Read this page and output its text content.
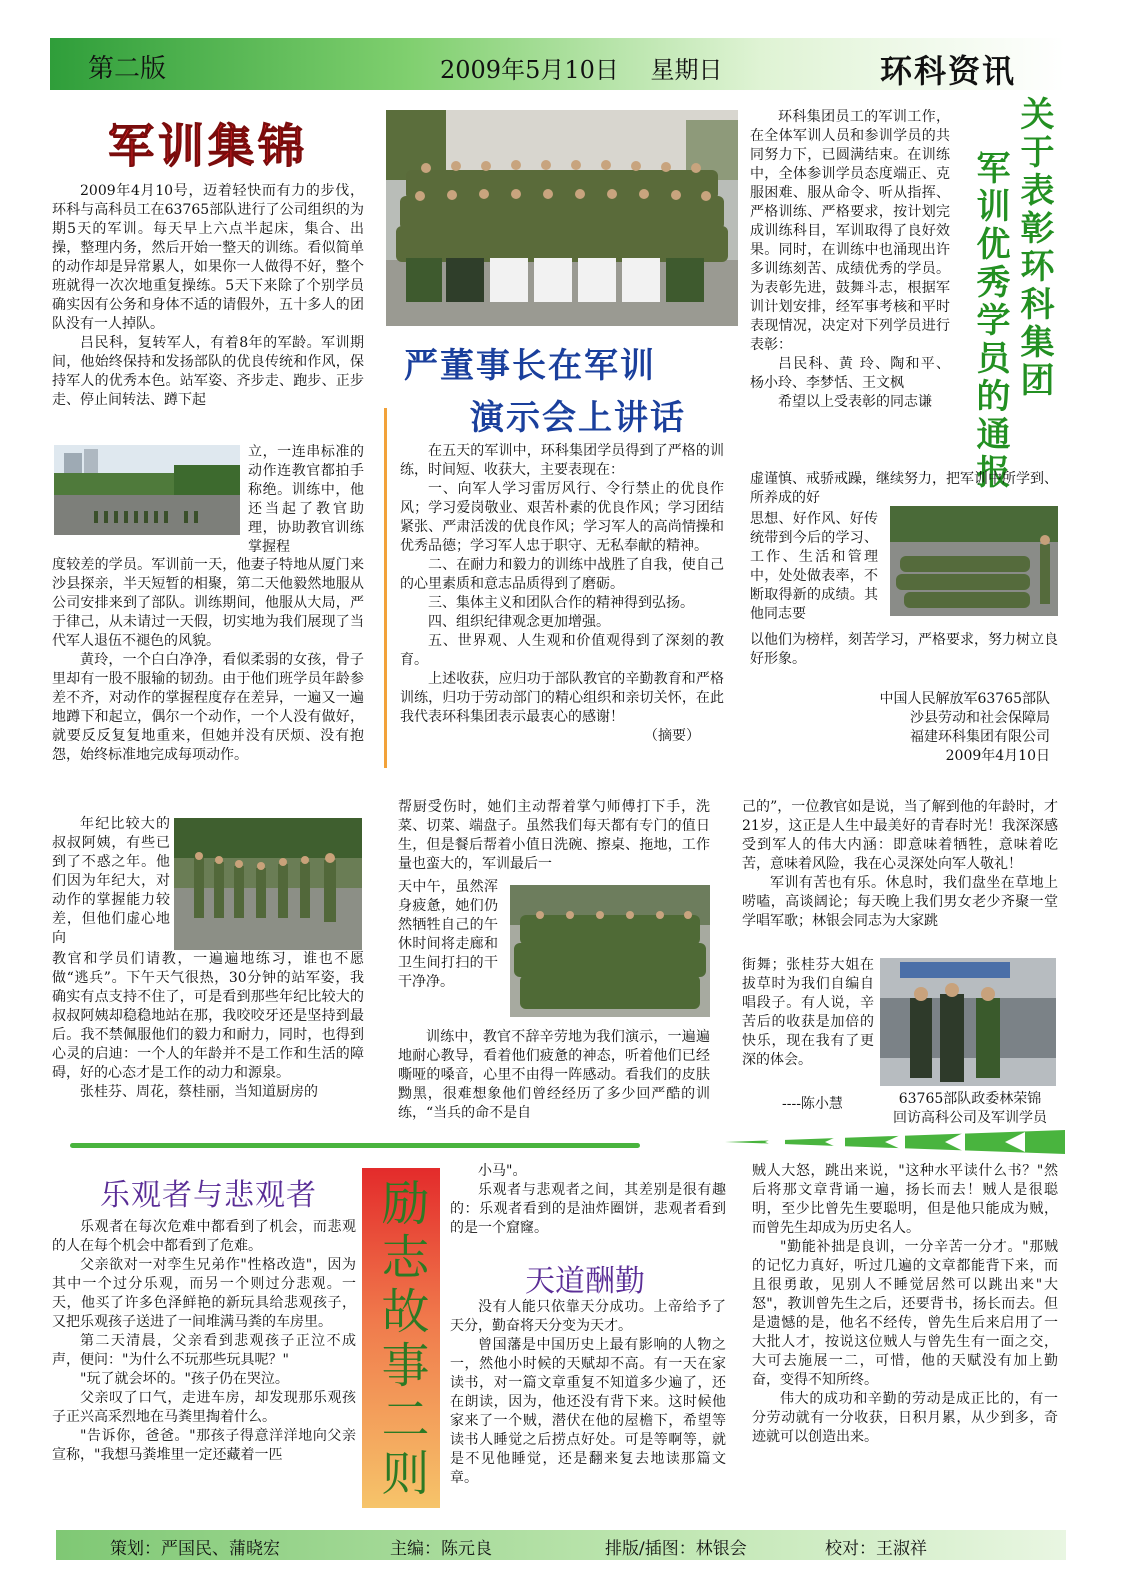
第二版	2009年5月10日　 星期日	环科资讯
军训集锦

2009年4月10号，迈着轻快而有力的步伐，环科与高科员工在63765部队进行了公司组织的为期5天的军训。每天早上六点半起床，集合、出操，整理内务，然后开始一整天的训练。看似简单的动作却是异常累人，如果你一人做得不好，整个班就得一次次地重复操练。5天下来除了个别学员确实因有公务和身体不适的请假外，五十多人的团队没有一人掉队。

吕民科，复转军人，有着8年的军龄。军训期间，他始终保持和发扬部队的优良传统和作风，保持军人的优秀本色。站军姿、齐步走、跑步、正步走、停止间转法、蹲下起

立，一连串标准的动作连教官都拍手称绝。训练中，他还当起了教官助理，协助教官训练掌握程

度较差的学员。军训前一天，他妻子特地从厦门来沙县探亲，半天短暂的相聚，第二天他毅然地服从公司安排来到了部队。训练期间，他服从大局，严于律己，从未请过一天假，切实地为我们展现了当代军人退伍不褪色的风貌。

黄玲，一个白白净净，看似柔弱的女孩，骨子里却有一股不服输的韧劲。由于他们班学员年龄参差不齐，对动作的掌握程度存在差异，一遍又一遍地蹲下和起立，偶尔一个动作，一个人没有做好，就要反反复复地重来，但她并没有厌烦、没有抱怨，始终标准地完成每项动作。

年纪比较大的叔叔阿姨，有些已到了不惑之年。他们因为年纪大，对动作的掌握能力较差，但他们虚心地向

教官和学员们请教，一遍遍地练习，谁也不愿做“逃兵”。下午天气很热，30分钟的站军姿，我确实有点支持不住了，可是看到那些年纪比较大的叔叔阿姨却稳稳地站在那，我咬咬牙还是坚持到最后。我不禁佩服他们的毅力和耐力，同时，也得到心灵的启迪：一个人的年龄并不是工作和生活的障碍，好的心态才是工作的动力和源泉。

张桂芬、周花，蔡桂丽，当知道厨房的

严董事长在军训
演示会上讲话

在五天的军训中，环科集团学员得到了严格的训练，时间短、收获大，主要表现在：

一、向军人学习雷厉风行、令行禁止的优良作风；学习爱岗敬业、艰苦朴素的优良作风；学习团结紧张、严肃活泼的优良作风；学习军人的高尚情操和优秀品德；学习军人忠于职守、无私奉献的精神。

二、在耐力和毅力的训练中战胜了自我，使自己的心里素质和意志品质得到了磨砺。

三、集体主义和团队合作的精神得到弘扬。

四、组织纪律观念更加增强。

五、世界观、人生观和价值观得到了深刻的教育。

上述收获，应归功于部队教官的辛勤教育和严格训练，归功于劳动部门的精心组织和亲切关怀，在此我代表环科集团表示最衷心的感谢！

（摘要）

关于表彰环科集团
军训优秀学员的通报

环科集团员工的军训工作，在全体军训人员和参训学员的共同努力下，已圆满结束。在训练中，全体参训学员态度端正、克服困难、服从命令、听从指挥、严格训练、严格要求，按计划完成训练科目，军训取得了良好效果。同时，在训练中也涌现出许多训练刻苦、成绩优秀的学员。为表彰先进，鼓舞斗志，根据军训计划安排，经军事考核和平时表现情况，决定对下列学员进行表彰：

吕民科、黄 玲、陶和平、杨小玲、李梦恬、王文枫

希望以上受表彰的同志谦

虚谨慎、戒骄戒躁，继续努力，把军训中所学到、所养成的好

思想、好作风、好传统带到今后的学习、工作、生活和管理中，处处做表率，不断取得新的成绩。其他同志要

以他们为榜样，刻苦学习，严格要求，努力树立良好形象。

中国人民解放军63765部队
沙县劳动和社会保障局
福建环科集团有限公司
2009年4月10日

帮厨受伤时，她们主动帮着掌勺师傅打下手，洗菜、切菜、端盘子。虽然我们每天都有专门的值日生，但是餐后帮着小值日洗碗、擦桌、拖地，工作量也蛮大的，军训最后一

天中午，虽然浑身疲惫，她们仍然牺牲自己的午休时间将走廊和卫生间打扫的干干净净。

训练中，教官不辞辛劳地为我们演示，一遍遍地耐心教导，看着他们疲惫的神态，听着他们已经嘶哑的嗓音，心里不由得一阵感动。看我们的皮肤黝黑，很难想象他们曾经经历了多少回严酷的训练，“当兵的命不是自

己的”，一位教官如是说，当了解到他的年龄时，才21岁，这正是人生中最美好的青春时光！我深深感受到军人的伟大内涵：即意味着牺牲，意味着吃苦，意味着风险，我在心灵深处向军人敬礼！

军训有苦也有乐。休息时，我们盘坐在草地上唠嗑，高谈阔论；每天晚上我们男女老少齐聚一堂学唱军歌；林银会同志为大家跳

街舞；张桂芬大姐在拔草时为我们自编自唱段子。有人说，辛苦后的收获是加倍的快乐，现在我有了更深的体会。

----陈小慧	63765部队政委林荣锦
回访高科公司及军训学员
乐观者与悲观者

乐观者在每次危难中都看到了机会，而悲观的人在每个机会中都看到了危难。

父亲欲对一对孪生兄弟作"性格改造"，因为其中一个过分乐观，而另一个则过分悲观。一天，他买了许多色泽鲜艳的新玩具给悲观孩子，又把乐观孩子送进了一间堆满马粪的车房里。

第二天清晨，父亲看到悲观孩子正泣不成声，便问："为什么不玩那些玩具呢？"

"玩了就会坏的。"孩子仍在哭泣。

父亲叹了口气，走进车房，却发现那乐观孩子正兴高采烈地在马粪里掏着什么。

"告诉你，爸爸。"那孩子得意洋洋地向父亲宣称，"我想马粪堆里一定还藏着一匹	励志故事二则

小马"。

乐观者与悲观者之间，其差别是很有趣的：乐观者看到的是油炸圈饼，悲观者看到的是一个窟窿。

天道酬勤

没有人能只依靠天分成功。上帝给予了天分，勤奋将天分变为天才。

曾国藩是中国历史上最有影响的人物之一，然他小时候的天赋却不高。有一天在家读书，对一篇文章重复不知道多少遍了，还在朗读，因为，他还没有背下来。这时候他家来了一个贼，潜伏在他的屋檐下，希望等读书人睡觉之后捞点好处。可是等啊等，就是不见他睡觉，还是翻来复去地读那篇文章。

贼人大怒，跳出来说，"这种水平读什么书？"然后将那文章背诵一遍，扬长而去！贼人是很聪明，至少比曾先生要聪明，但是他只能成为贼，而曾先生却成为历史名人。

"勤能补拙是良训，一分辛苦一分才。"那贼的记忆力真好，听过几遍的文章都能背下来，而且很勇敢，见别人不睡觉居然可以跳出来"大怒"，教训曾先生之后，还要背书，扬长而去。但是遗憾的是，他名不经传，曾先生后来启用了一大批人才，按说这位贼人与曾先生有一面之交，大可去施展一二，可惜，他的天赋没有加上勤奋，变得不知所终。

伟大的成功和辛勤的劳动是成正比的，有一分劳动就有一分收获，日积月累，从少到多，奇迹就可以创造出来。

策划：严国民、蒲晓宏	主编：陈元良	排版/插图：林银会	校对：王淑祥
